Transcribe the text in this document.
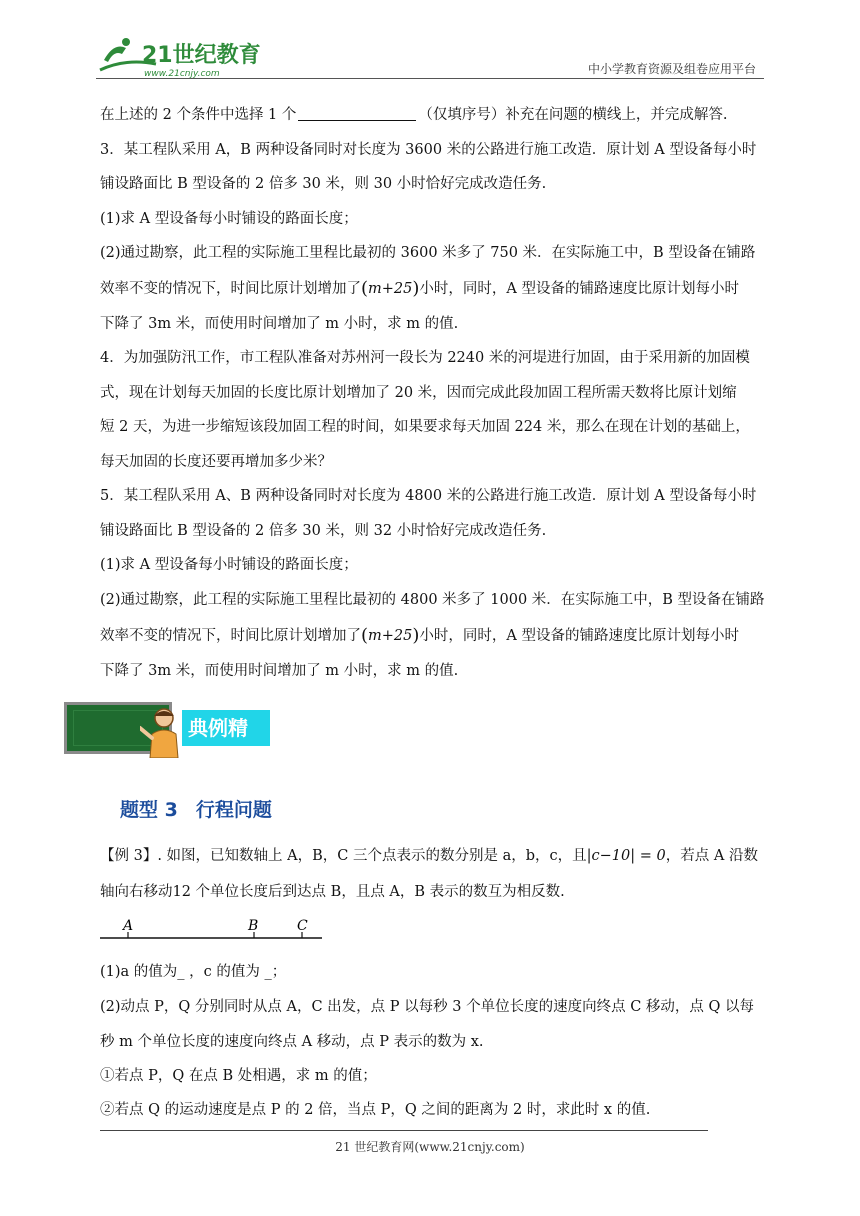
21世纪教育
www.21cnjy.com	中小学教育资源及组卷应用平台
在上述的 2 个条件中选择 1 个	（仅填序号）补充在问题的横线上，并完成解答.
3．某工程队采用 A，B 两种设备同时对长度为 3600 米的公路进行施工改造．原计划 A 型设备每小时
铺设路面比 B 型设备的 2 倍多 30 米，则 30 小时恰好完成改造任务.
(1)求 A 型设备每小时铺设的路面长度；
(2)通过勘察，此工程的实际施工里程比最初的 3600 米多了 750 米．在实际施工中，B 型设备在铺路
效率不变的情况下，时间比原计划增加了(m+25)小时，同时，A 型设备的铺路速度比原计划每小时
下降了 3m 米，而使用时间增加了 m 小时，求 m 的值.
4．为加强防汛工作，市工程队准备对苏州河一段长为 2240 米的河堤进行加固，由于采用新的加固模
式，现在计划每天加固的长度比原计划增加了 20 米，因而完成此段加固工程所需天数将比原计划缩
短 2 天，为进一步缩短该段加固工程的时间，如果要求每天加固 224 米，那么在现在计划的基础上，
每天加固的长度还要再增加多少米？
5．某工程队采用 A、B 两种设备同时对长度为 4800 米的公路进行施工改造．原计划 A 型设备每小时
铺设路面比 B 型设备的 2 倍多 30 米，则 32 小时恰好完成改造任务.
(1)求 A 型设备每小时铺设的路面长度；
(2)通过勘察，此工程的实际施工里程比最初的 4800 米多了 1000 米．在实际施工中，B 型设备在铺路
效率不变的情况下，时间比原计划增加了(m+25)小时，同时，A 型设备的铺路速度比原计划每小时
下降了 3m 米，而使用时间增加了 m 小时，求 m 的值.
典例精讲 3
题型 3 行程问题
【例 3】. 如图，已知数轴上 A，B，C 三个点表示的数分别是 a，b，c，且|c−10| = 0，若点 A 沿数
轴向右移动12 个单位长度后到达点 B，且点 A，B 表示的数互为相反数.
A	B	C
(1)a 的值为_ ，c 的值为 _；
(2)动点 P，Q 分别同时从点 A，C 出发，点 P 以每秒 3 个单位长度的速度向终点 C 移动，点 Q 以每
秒 m 个单位长度的速度向终点 A 移动，点 P 表示的数为 x.
①若点 P，Q 在点 B 处相遇，求 m 的值；
②若点 Q 的运动速度是点 P 的 2 倍，当点 P，Q 之间的距离为 2 时，求此时 x 的值.
21 世纪教育网(www.21cnjy.com)
